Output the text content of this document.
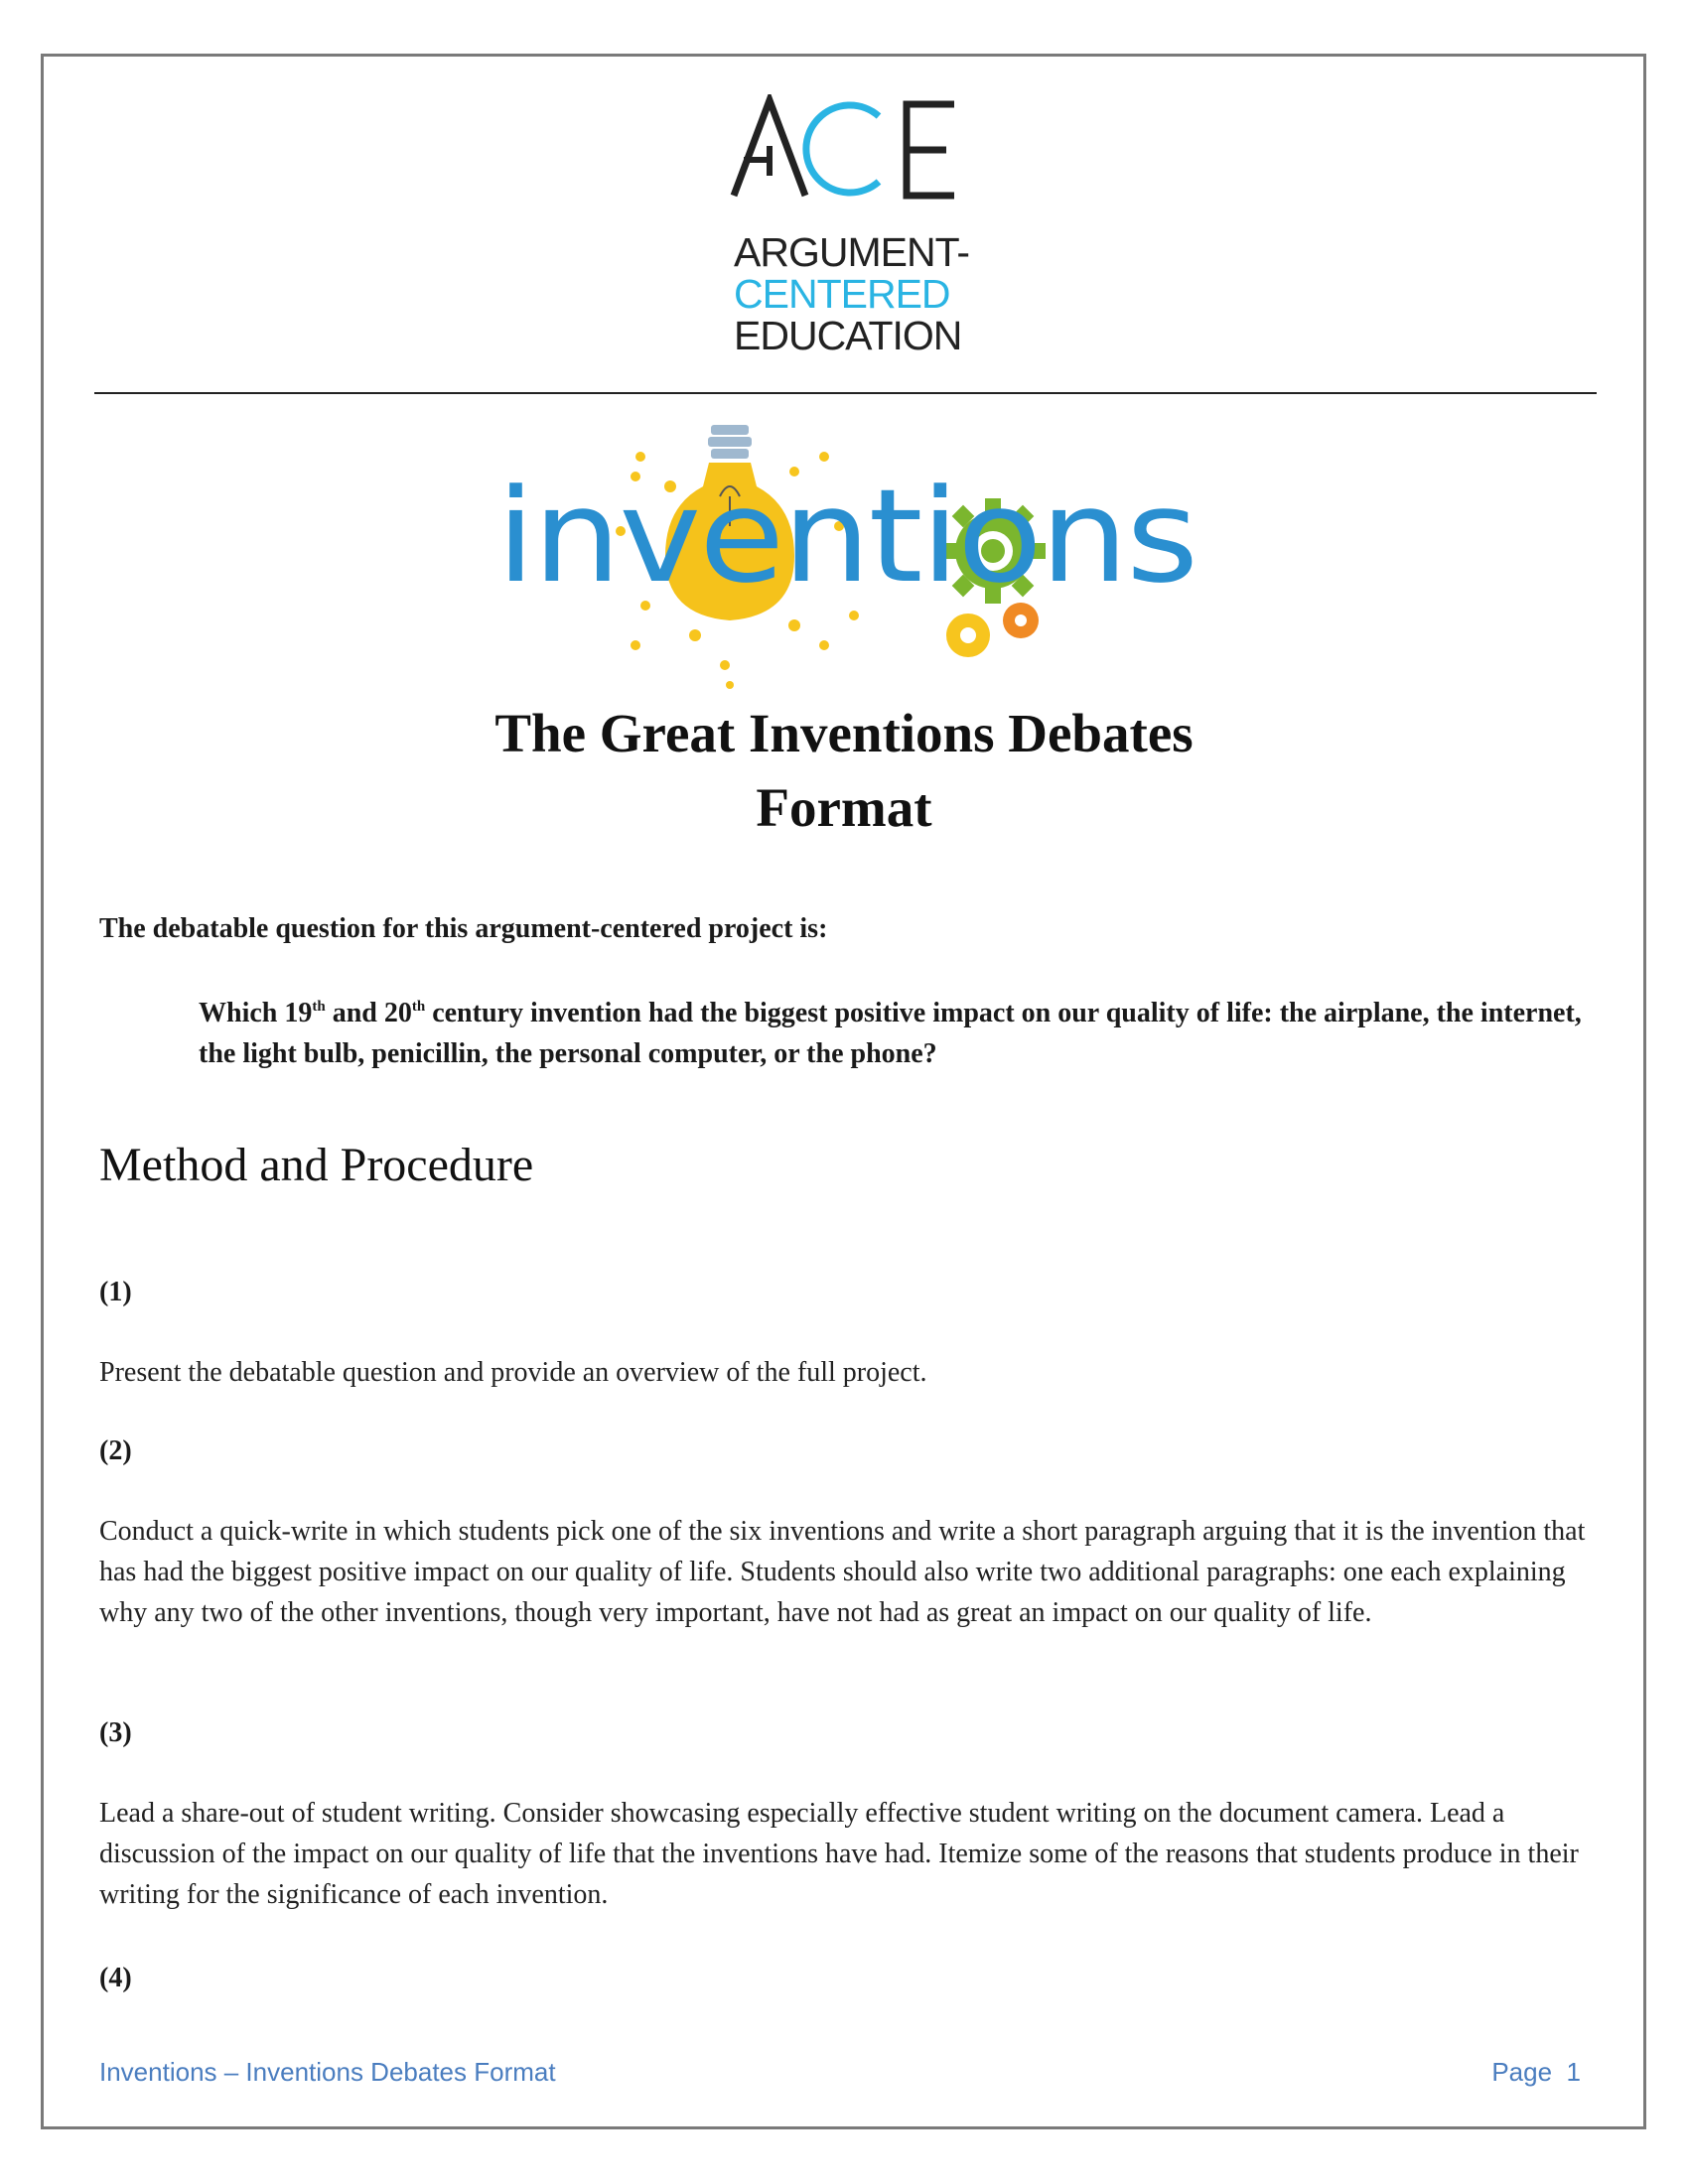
ARGUMENT-
CENTERED
EDUCATION
inventions
The Great Inventions Debates
Format
The debatable question for this argument-centered project is:
Which 19th and 20th century invention had the biggest positive impact on our quality of life: the airplane, the internet, the light bulb, penicillin, the personal computer, or the phone?
Method and Procedure
(1)
Present the debatable question and provide an overview of the full project.
(2)
Conduct a quick-write in which students pick one of the six inventions and write a short paragraph arguing that it is the invention that has had the biggest positive impact on our quality of life. Students should also write two additional paragraphs: one each explaining why any two of the other inventions, though very important, have not had as great an impact on our quality of life.
(3)
Lead a share-out of student writing. Consider showcasing especially effective student writing on the document camera. Lead a discussion of the impact on our quality of life that the inventions have had. Itemize some of the reasons that students produce in their writing for the significance of each invention.
(4)
Inventions – Inventions Debates Format	Page 1
